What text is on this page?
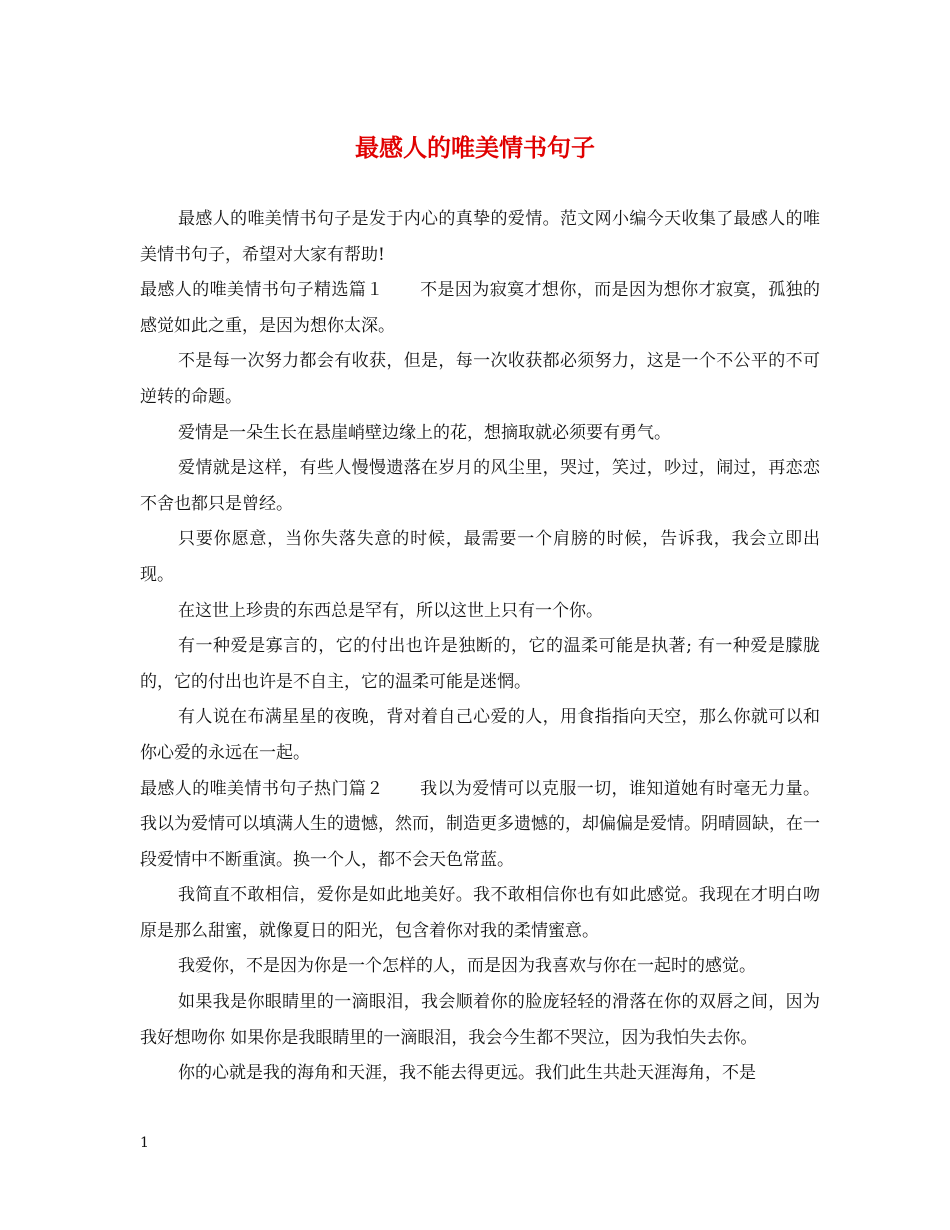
最感人的唯美情书句子

最感人的唯美情书句子是发于内心的真挚的爱情。范文网小编今天收集了最感人的唯美情书句子，希望对大家有帮助!

最感人的唯美情书句子精选篇１ 不是因为寂寞才想你，而是因为想你才寂寞，孤独的感觉如此之重，是因为想你太深。

不是每一次努力都会有收获，但是，每一次收获都必须努力，这是一个不公平的不可逆转的命题。

爱情是一朵生长在悬崖峭壁边缘上的花，想摘取就必须要有勇气。

爱情就是这样，有些人慢慢遗落在岁月的风尘里，哭过，笑过，吵过，闹过，再恋恋不舍也都只是曾经。

只要你愿意，当你失落失意的时候，最需要一个肩膀的时候，告诉我，我会立即出现。

在这世上珍贵的东西总是罕有，所以这世上只有一个你。

有一种爱是寡言的，它的付出也许是独断的，它的温柔可能是执著; 有一种爱是朦胧的，它的付出也许是不自主，它的温柔可能是迷惘。

有人说在布满星星的夜晚，背对着自己心爱的人，用食指指向天空，那么你就可以和你心爱的永远在一起。

最感人的唯美情书句子热门篇２ 我以为爱情可以克服一切，谁知道她有时毫无力量。我以为爱情可以填满人生的遗憾，然而，制造更多遗憾的，却偏偏是爱情。阴晴圆缺，在一段爱情中不断重演。换一个人，都不会天色常蓝。

我简直不敢相信，爱你是如此地美好。我不敢相信你也有如此感觉。我现在才明白吻原是那么甜蜜，就像夏日的阳光，包含着你对我的柔情蜜意。

我爱你，不是因为你是一个怎样的人，而是因为我喜欢与你在一起时的感觉。

如果我是你眼睛里的一滴眼泪，我会顺着你的脸庞轻轻的滑落在你的双唇之间，因为我好想吻你 如果你是我眼睛里的一滴眼泪，我会今生都不哭泣，因为我怕失去你。

你的心就是我的海角和天涯，我不能去得更远。我们此生共赴天涯海角，不是

1
